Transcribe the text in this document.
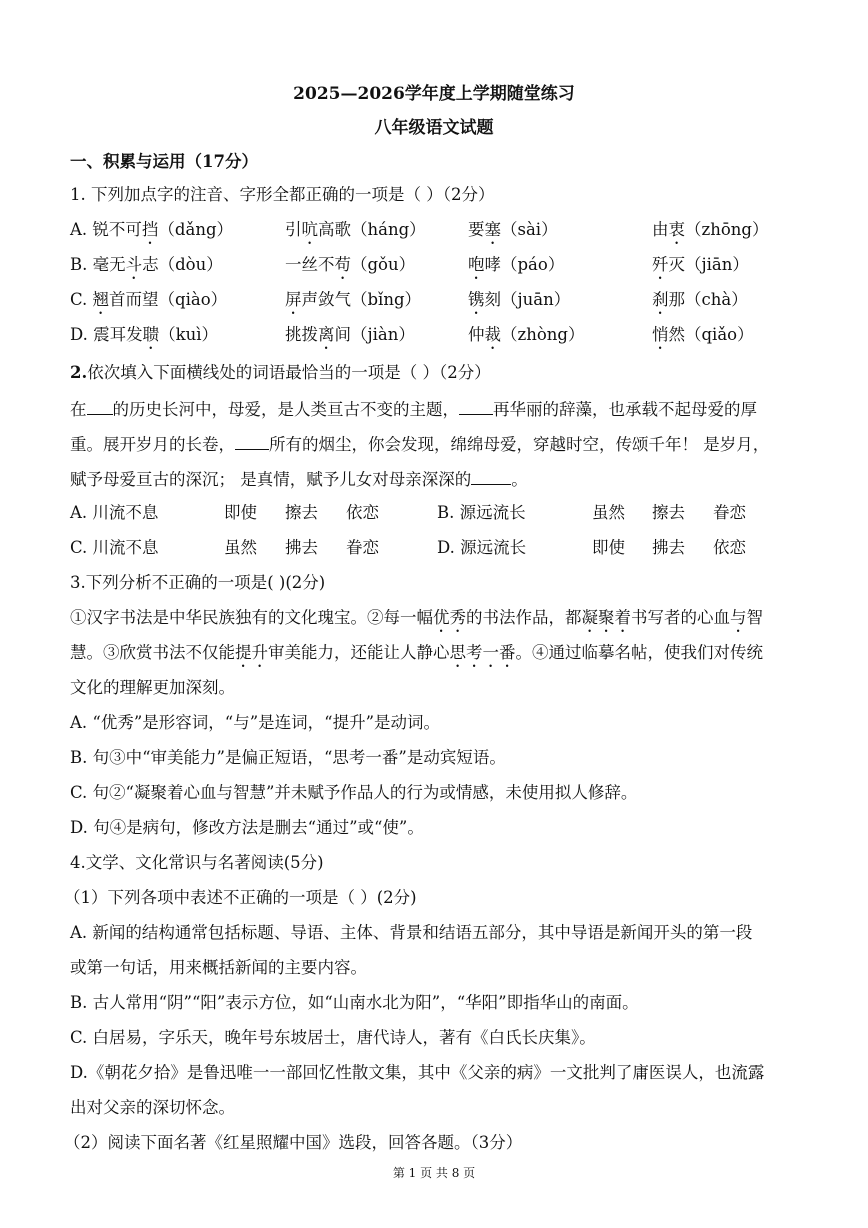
2025—2026学年度上学期随堂练习
八年级语文试题
一、积累与运用（17分）
1. 下列加点字的注音、字形全都正确的一项是（ ）（2分）
A. 锐不可挡（dǎng）	引吭高歌（háng）	要塞（sài）	由衷（zhōng）
B. 毫无斗志（dòu）	一丝不苟（gǒu）	咆哮（páo）	歼灭（jiān）
C. 翘首而望（qiào）	屏声敛气（bǐng）	镌刻（juān）	刹那（chà）
D. 震耳发聩（kuì）	挑拨离间（jiàn）	仲裁（zhòng）	悄然（qiǎo）
2.依次填入下面横线处的词语最恰当的一项是（ ）（2分）
在 的历史长河中，母爱，是人类亘古不变的主题， 再华丽的辞藻，也承载不起母爱的厚
重。展开岁月的长卷， 所有的烟尘，你会发现，绵绵母爱，穿越时空，传颂千年！ 是岁月，
赋予母爱亘古的深沉； 是真情，赋予儿女对母亲深深的 。
A. 川流不息	即使 擦去 依恋	B. 源远流长	虽然 擦去 眷恋
C. 川流不息	虽然 拂去 眷恋	D. 源远流长	即使 拂去 依恋
3.下列分析不正确的一项是( )(2分)
①汉字书法是中华民族独有的文化瑰宝。②每一幅优秀的书法作品，都凝聚着书写者的心血与智
慧。③欣赏书法不仅能提升审美能力，还能让人静心思考一番。④通过临摹名帖，使我们对传统
文化的理解更加深刻。
A. “优秀”是形容词，“与”是连词，“提升”是动词。
B. 句③中“审美能力”是偏正短语，“思考一番”是动宾短语。
C. 句②“凝聚着心血与智慧”并未赋予作品人的行为或情感，未使用拟人修辞。
D. 句④是病句，修改方法是删去“通过”或“使”。
4.文学、文化常识与名著阅读(5分)
（1）下列各项中表述不正确的一项是（ ）(2分)
A. 新闻的结构通常包括标题、导语、主体、背景和结语五部分，其中导语是新闻开头的第一段
或第一句话，用来概括新闻的主要内容。
B. 古人常用“阴”“阳”表示方位，如“山南水北为阳”，“华阳”即指华山的南面。
C. 白居易，字乐天，晚年号东坡居士，唐代诗人，著有《白氏长庆集》。
D.《朝花夕拾》是鲁迅唯一一部回忆性散文集，其中《父亲的病》一文批判了庸医误人，也流露
出对父亲的深切怀念。
（2）阅读下面名著《红星照耀中国》选段，回答各题。（3分）
第 1 页 共 8 页
